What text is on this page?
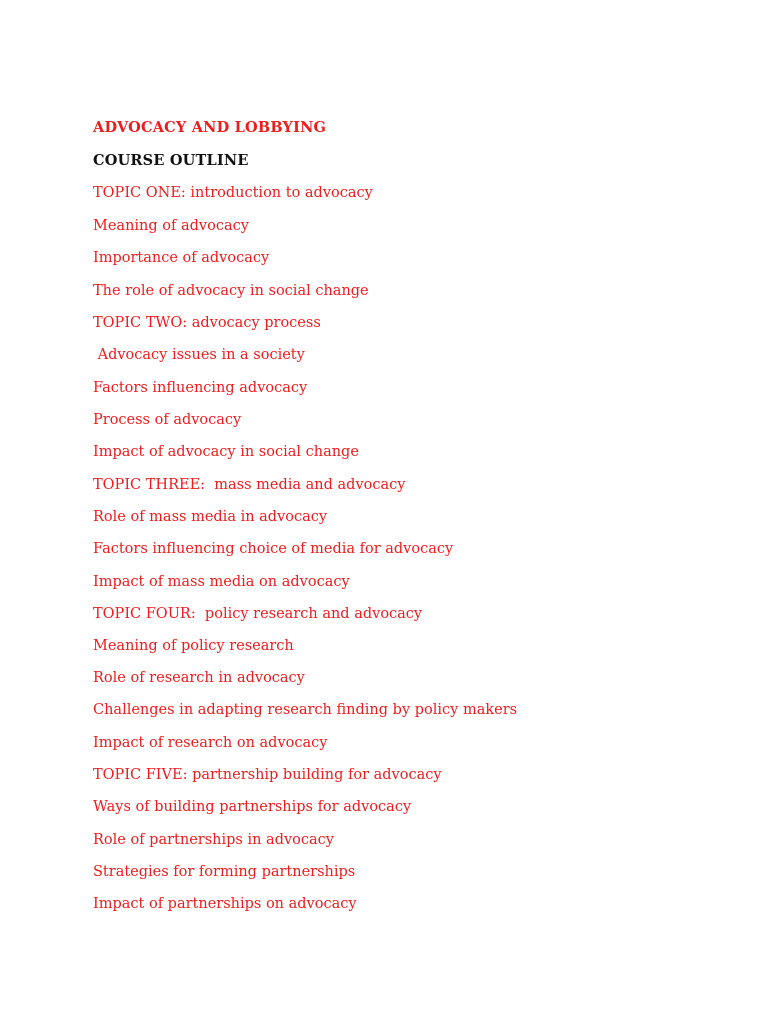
ADVOCACY AND LOBBYING
COURSE OUTLINE
TOPIC ONE: introduction to advocacy
Meaning of advocacy
Importance of advocacy
The role of advocacy in social change
TOPIC TWO: advocacy process
Advocacy issues in a society
Factors influencing advocacy
Process of advocacy
Impact of advocacy in social change
TOPIC THREE:  mass media and advocacy
Role of mass media in advocacy
Factors influencing choice of media for advocacy
Impact of mass media on advocacy
TOPIC FOUR:  policy research and advocacy
Meaning of policy research
Role of research in advocacy
Challenges in adapting research finding by policy makers
Impact of research on advocacy
TOPIC FIVE: partnership building for advocacy
Ways of building partnerships for advocacy
Role of partnerships in advocacy
Strategies for forming partnerships
Impact of partnerships on advocacy
